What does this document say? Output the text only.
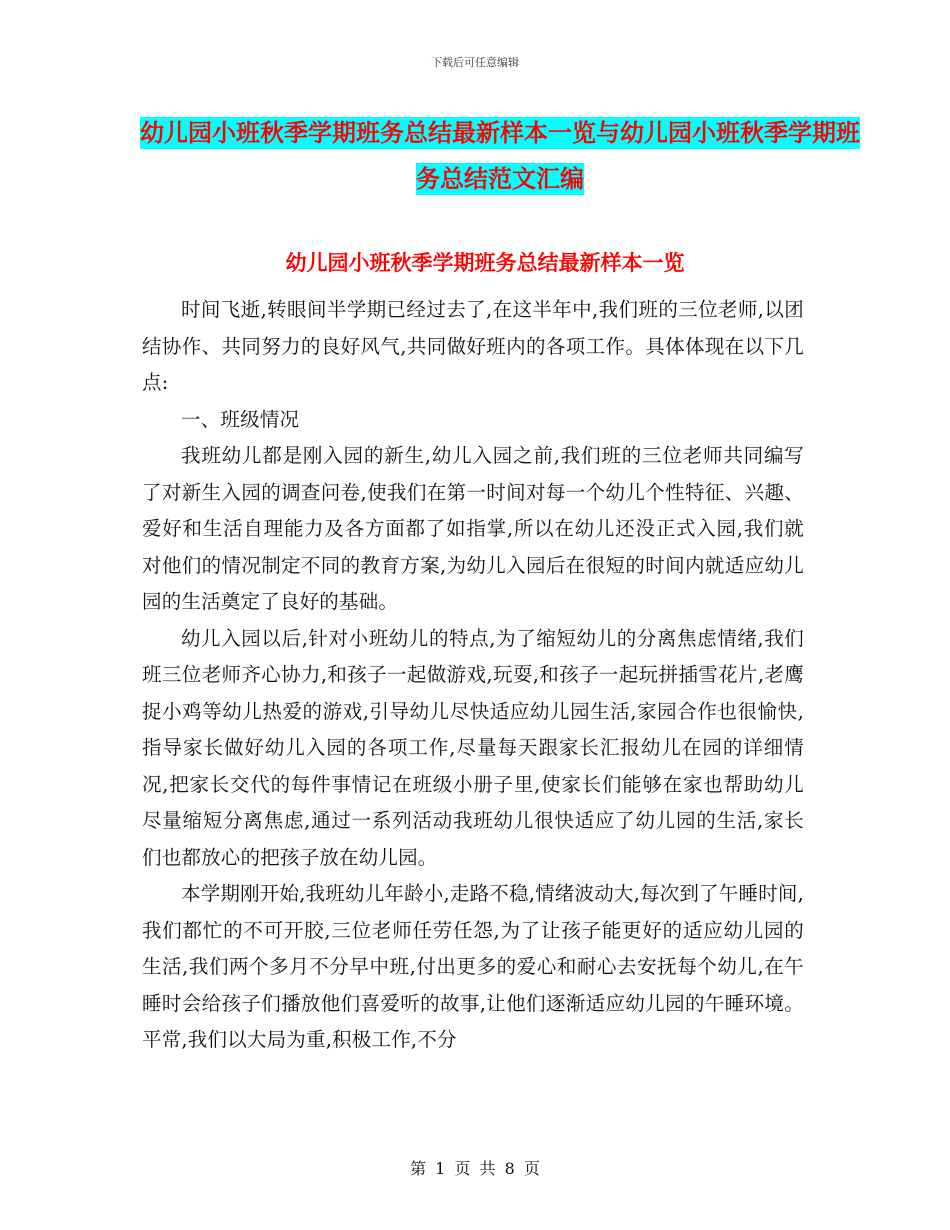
下载后可任意编辑
幼儿园小班秋季学期班务总结最新样本一览与幼儿园小班秋季学期班务总结范文汇编
幼儿园小班秋季学期班务总结最新样本一览

时间飞逝,转眼间半学期已经过去了,在这半年中,我们班的三位老师,以团结协作、共同努力的良好风气,共同做好班内的各项工作。具体体现在以下几点:

一、班级情况

我班幼儿都是刚入园的新生,幼儿入园之前,我们班的三位老师共同编写了对新生入园的调查问卷,使我们在第一时间对每一个幼儿个性特征、兴趣、爱好和生活自理能力及各方面都了如指掌,所以在幼儿还没正式入园,我们就对他们的情况制定不同的教育方案,为幼儿入园后在很短的时间内就适应幼儿园的生活奠定了良好的基础。

幼儿入园以后,针对小班幼儿的特点,为了缩短幼儿的分离焦虑情绪,我们班三位老师齐心协力,和孩子一起做游戏,玩耍,和孩子一起玩拼插雪花片,老鹰捉小鸡等幼儿热爱的游戏,引导幼儿尽快适应幼儿园生活,家园合作也很愉快,指导家长做好幼儿入园的各项工作,尽量每天跟家长汇报幼儿在园的详细情况,把家长交代的每件事情记在班级小册子里,使家长们能够在家也帮助幼儿尽量缩短分离焦虑,通过一系列活动我班幼儿很快适应了幼儿园的生活,家长们也都放心的把孩子放在幼儿园。

本学期刚开始,我班幼儿年龄小,走路不稳,情绪波动大,每次到了午睡时间,我们都忙的不可开胶,三位老师任劳任怨,为了让孩子能更好的适应幼儿园的生活,我们两个多月不分早中班,付出更多的爱心和耐心去安抚每个幼儿,在午睡时会给孩子们播放他们喜爱听的故事,让他们逐渐适应幼儿园的午睡环境。平常,我们以大局为重,积极工作,不分

第 1 页 共 8 页
